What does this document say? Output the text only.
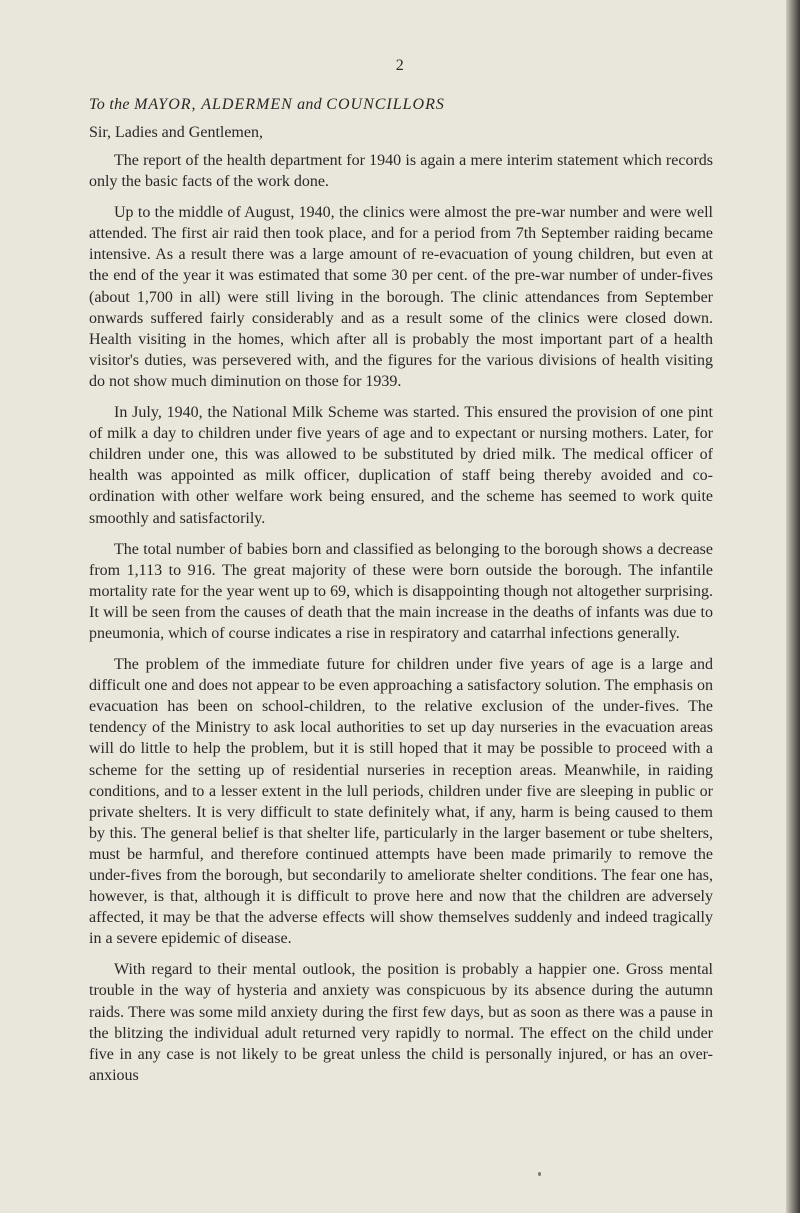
2
To the MAYOR, ALDERMEN and COUNCILLORS
Sir, Ladies and Gentlemen,

The report of the health department for 1940 is again a mere interim statement which records only the basic facts of the work done.

Up to the middle of August, 1940, the clinics were almost the pre-war number and were well attended. The first air raid then took place, and for a period from 7th September raiding became intensive. As a result there was a large amount of re-evacuation of young children, but even at the end of the year it was estimated that some 30 per cent. of the pre-war number of under-fives (about 1,700 in all) were still living in the borough. The clinic attendances from September onwards suffered fairly considerably and as a result some of the clinics were closed down. Health visiting in the homes, which after all is probably the most important part of a health visitor's duties, was persevered with, and the figures for the various divisions of health visiting do not show much diminution on those for 1939.

In July, 1940, the National Milk Scheme was started. This ensured the provision of one pint of milk a day to children under five years of age and to expectant or nursing mothers. Later, for children under one, this was allowed to be substituted by dried milk. The medical officer of health was appointed as milk officer, duplication of staff being thereby avoided and co-ordination with other welfare work being ensured, and the scheme has seemed to work quite smoothly and satisfactorily.

The total number of babies born and classified as belonging to the borough shows a decrease from 1,113 to 916. The great majority of these were born outside the borough. The infantile mortality rate for the year went up to 69, which is disappointing though not altogether surprising. It will be seen from the causes of death that the main increase in the deaths of infants was due to pneumonia, which of course indicates a rise in respiratory and catarrhal infections generally.

The problem of the immediate future for children under five years of age is a large and difficult one and does not appear to be even approaching a satisfactory solution. The emphasis on evacuation has been on school-children, to the relative exclusion of the under-fives. The tendency of the Ministry to ask local authorities to set up day nurseries in the evacuation areas will do little to help the problem, but it is still hoped that it may be possible to proceed with a scheme for the setting up of residential nurseries in reception areas. Meanwhile, in raiding conditions, and to a lesser extent in the lull periods, children under five are sleeping in public or private shelters. It is very difficult to state definitely what, if any, harm is being caused to them by this. The general belief is that shelter life, particularly in the larger basement or tube shelters, must be harmful, and therefore continued attempts have been made primarily to remove the under-fives from the borough, but secondarily to ameliorate shelter conditions. The fear one has, however, is that, although it is difficult to prove here and now that the children are adversely affected, it may be that the adverse effects will show themselves suddenly and indeed tragically in a severe epidemic of disease.

With regard to their mental outlook, the position is probably a happier one. Gross mental trouble in the way of hysteria and anxiety was conspicuous by its absence during the autumn raids. There was some mild anxiety during the first few days, but as soon as there was a pause in the blitzing the individual adult returned very rapidly to normal. The effect on the child under five in any case is not likely to be great unless the child is personally injured, or has an over-anxious
